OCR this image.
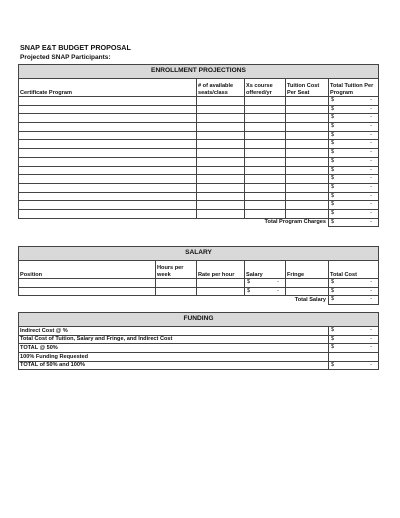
SNAP E&T BUDGET PROPOSAL
Projected SNAP Participants:
ENROLLMENT PROJECTIONS				
Certificate Program	# of available seats/class	Xs course offered/yr	Tuition Cost Per Seat	Total Tuition Per Program

				$ -

				$ -

				$ -

				$ -

				$ -

				$ -

				$ -

				$ -

				$ -

				$ -

				$ -

				$ -

				$ -

				$ -

Total Program Charges				$ -
SALARY					
Position	Hours per week	Rate per hour	Salary	Fringe	Total Cost

			$ -		$ -

			$ -		$ -

Total Salary					$ -
FUNDING	
Indirect Cost @ %	$ -

Total Cost of Tuition, Salary and Fringe, and Indirect Cost	$ -

TOTAL @ 50%	$ -

100% Funding Requested	

TOTAL of 50% and 100%	$ -
